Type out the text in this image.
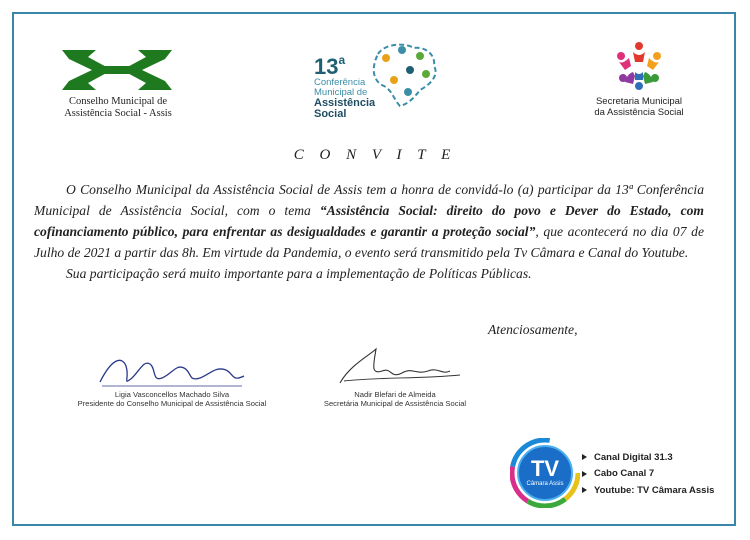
Conselho Municipal de
Assistência Social - Assis
13$^a$
Conferência
Municipal de
Assistência
Social
Secretaria Municipal
da Assistência Social
C O N V I T E

O Conselho Municipal da Assistência Social de Assis tem a honra de convidá-lo (a) participar da 13ª Conferência Municipal de Assistência Social, com o tema “Assistência Social: direito do povo e Dever do Estado, com cofinanciamento público, para enfrentar as desigualdades e garantir a proteção social”, que acontecerá no dia 07 de Julho de 2021 a partir das 8h. Em virtude da Pandemia, o evento será transmitido pela Tv Câmara e Canal do Youtube.

Sua participação será muito importante para a implementação de Políticas Públicas.

Atenciosamente,
Ligia Vasconcellos Machado Silva
Presidente do Conselho Municipal de Assistência Social
Nadir Blefari de Almeida
Secretária Municipal de Assistência Social
TV
Câmara Assis
Canal Digital 31.3
Cabo Canal 7
Youtube: TV Câmara Assis
